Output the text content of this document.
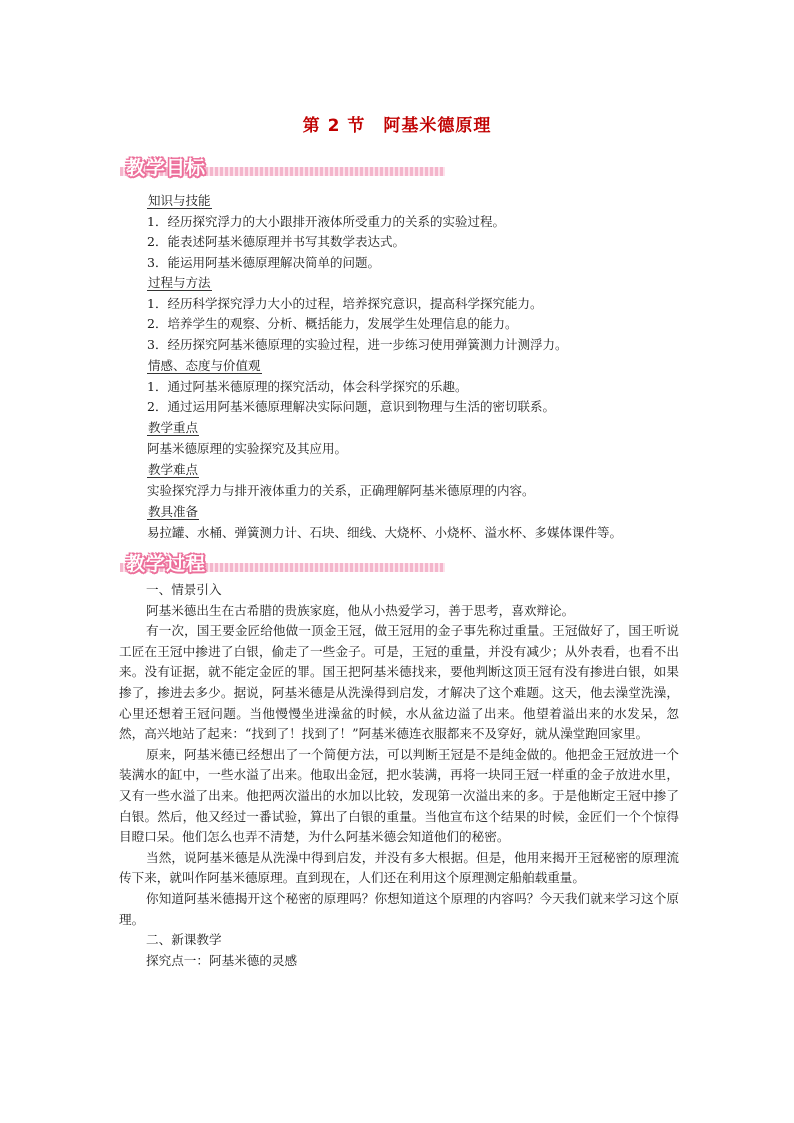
第 2 节　阿基米德原理
教学目标
知识与技能
1．经历探究浮力的大小跟排开液体所受重力的关系的实验过程。
2．能表述阿基米德原理并书写其数学表达式。
3．能运用阿基米德原理解决简单的问题。
过程与方法
1．经历科学探究浮力大小的过程，培养探究意识，提高科学探究能力。
2．培养学生的观察、分析、概括能力，发展学生处理信息的能力。
3．经历探究阿基米德原理的实验过程，进一步练习使用弹簧测力计测浮力。
情感、态度与价值观
1．通过阿基米德原理的探究活动，体会科学探究的乐趣。
2．通过运用阿基米德原理解决实际问题，意识到物理与生活的密切联系。
教学重点
阿基米德原理的实验探究及其应用。
教学难点
实验探究浮力与排开液体重力的关系，正确理解阿基米德原理的内容。
教具准备
易拉罐、水桶、弹簧测力计、石块、细线、大烧杯、小烧杯、溢水杯、多媒体课件等。
教学过程

一、情景引入

阿基米德出生在古希腊的贵族家庭，他从小热爱学习，善于思考，喜欢辩论。

有一次，国王要金匠给他做一顶金王冠，做王冠用的金子事先称过重量。王冠做好了，国王听说工匠在王冠中掺进了白银，偷走了一些金子。可是，王冠的重量，并没有减少；从外表看，也看不出来。没有证据，就不能定金匠的罪。国王把阿基米德找来，要他判断这顶王冠有没有掺进白银，如果掺了，掺进去多少。据说，阿基米德是从洗澡得到启发，才解决了这个难题。这天，他去澡堂洗澡，心里还想着王冠问题。当他慢慢坐进澡盆的时候，水从盆边溢了出来。他望着溢出来的水发呆，忽然，高兴地站了起来：“找到了！找到了！”阿基米德连衣服都来不及穿好，就从澡堂跑回家里。

原来，阿基米德已经想出了一个简便方法，可以判断王冠是不是纯金做的。他把金王冠放进一个装满水的缸中，一些水溢了出来。他取出金冠，把水装满，再将一块同王冠一样重的金子放进水里，又有一些水溢了出来。他把两次溢出的水加以比较，发现第一次溢出来的多。于是他断定王冠中掺了白银。然后，他又经过一番试验，算出了白银的重量。当他宣布这个结果的时候，金匠们一个个惊得目瞪口呆。他们怎么也弄不清楚，为什么阿基米德会知道他们的秘密。

当然，说阿基米德是从洗澡中得到启发，并没有多大根据。但是，他用来揭开王冠秘密的原理流传下来，就叫作阿基米德原理。直到现在，人们还在利用这个原理测定船舶载重量。

你知道阿基米德揭开这个秘密的原理吗？你想知道这个原理的内容吗？今天我们就来学习这个原理。

二、新课教学

探究点一：阿基米德的灵感
